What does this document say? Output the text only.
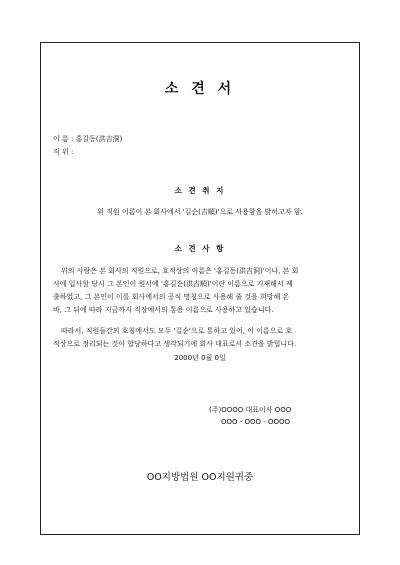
소 견 서
이 름 : 홍길동(洪吉洞)
직 위 :
소 견 취 지
위 직원 이름이 본 회사에서 '길순(吉順)'으로 사용함을 밝히고자 함.
소 견 사 항
위의 사람은 본 회사의 직원으로, 호적상의 이름은 '홍길동(洪吉洞)'이나, 본 회
사에 입사할 당시 그 본인이 원서에 '홍길순(洪吉順)'이란 이름으로 기재해서 제
출하였고, 그 본인이 이를 회사에서의 공식 명칭으로 사용해 줄 것을 희망해 온
바, 그 뒤에 따라 지금까지 직장에서의 통용 이름으로 사용하고 있습니다.
따라서, 직원들간의 호칭에서도 모두 '길순'으로 통하고 있어, 이 이름으로 호
적상으로 정리되는 것이 합당하다고 생각되기에 회사 대표로서 소견을 밝힙니다.
2000년 0월 0일
(주)OOOO 대표이사 OOO
OOO - OOO - OOOO
OO지방법원 OO지원귀중
